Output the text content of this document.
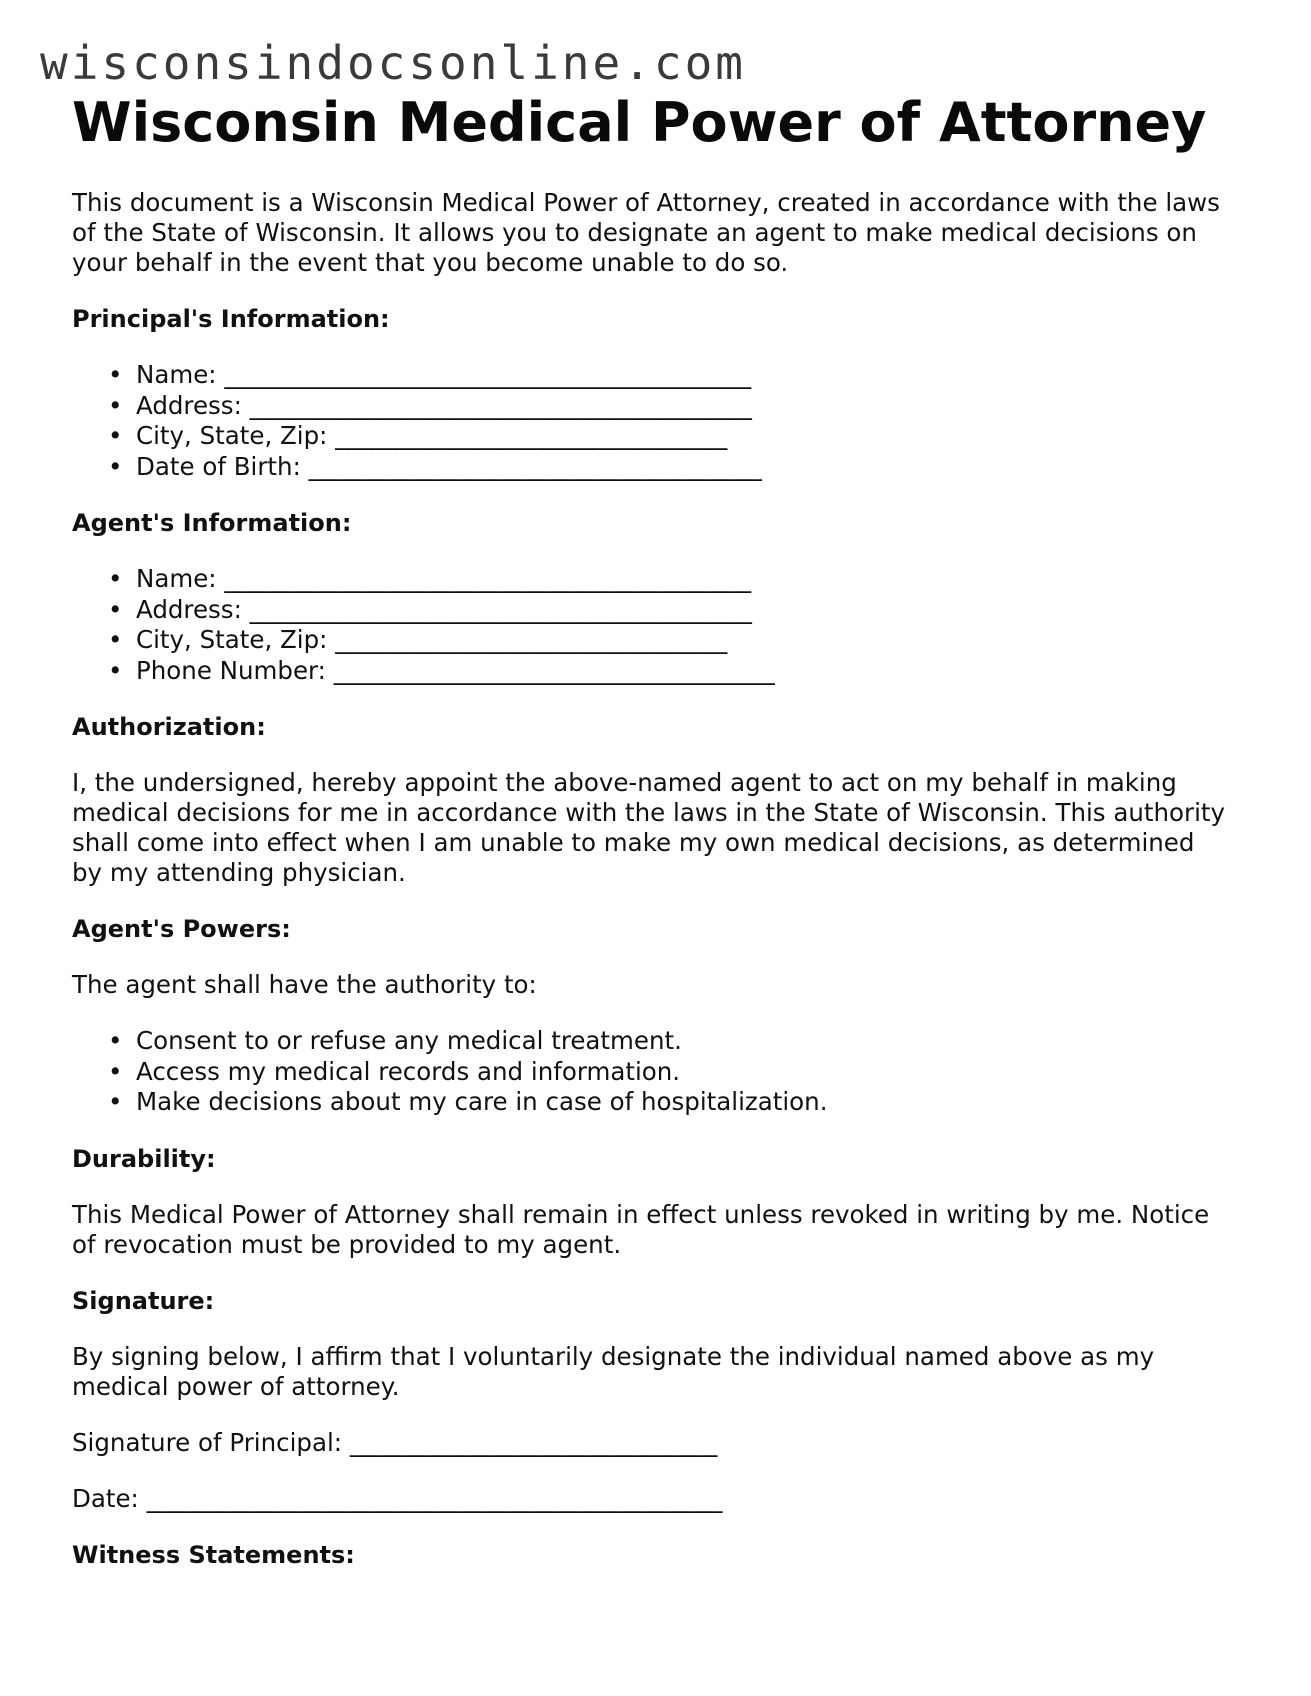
wisconsindocsonline.com
Wisconsin Medical Power of Attorney

This document is a Wisconsin Medical Power of Attorney, created in accordance with the laws of the State of Wisconsin. It allows you to designate an agent to make medical decisions on your behalf in the event that you become unable to do so.

Principal's Information:
• Name: ___________________________________________
• Address: _________________________________________
• City, State, Zip: ________________________________
• Date of Birth: _____________________________________
Agent's Information:
• Name: ___________________________________________
• Address: _________________________________________
• City, State, Zip: ________________________________
• Phone Number: ____________________________________
Authorization:

I, the undersigned, hereby appoint the above-named agent to act on my behalf in making medical decisions for me in accordance with the laws in the State of Wisconsin. This authority shall come into effect when I am unable to make my own medical decisions, as determined by my attending physician.

Agent's Powers:

The agent shall have the authority to:

• Consent to or refuse any medical treatment.
• Access my medical records and information.
• Make decisions about my care in case of hospitalization.
Durability:

This Medical Power of Attorney shall remain in effect unless revoked in writing by me. Notice of revocation must be provided to my agent.

Signature:

By signing below, I affirm that I voluntarily designate the individual named above as my medical power of attorney.

Signature of Principal: ______________________________

Date: _______________________________________________

Witness Statements:
